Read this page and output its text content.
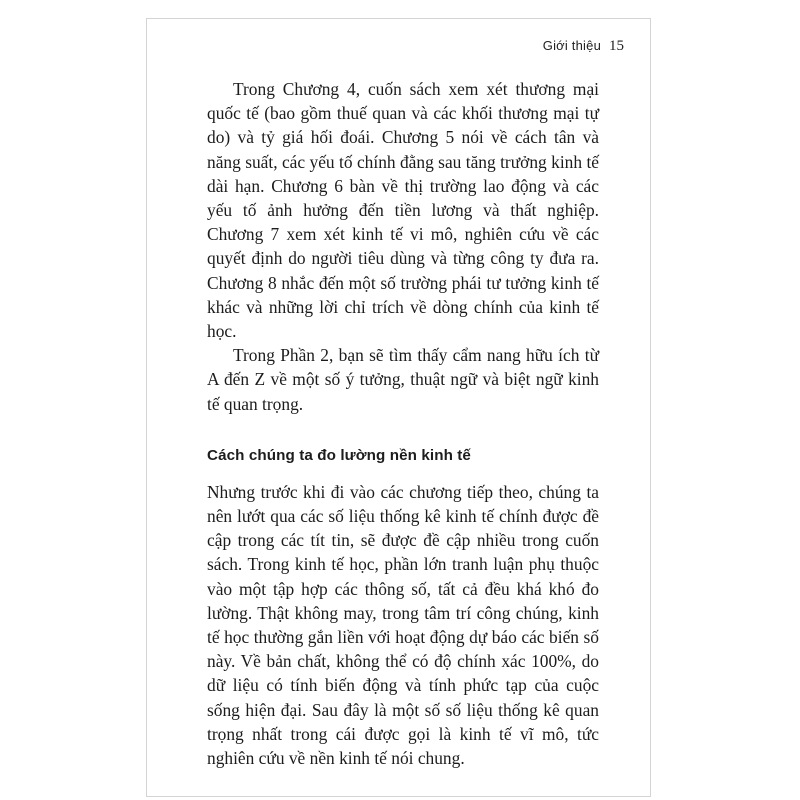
Giới thiệu 15

Trong Chương 4, cuốn sách xem xét thương mại quốc tế (bao gồm thuế quan và các khối thương mại tự do) và tỷ giá hối đoái. Chương 5 nói về cách tân và năng suất, các yếu tố chính đằng sau tăng trưởng kinh tế dài hạn. Chương 6 bàn về thị trường lao động và các yếu tố ảnh hưởng đến tiền lương và thất nghiệp. Chương 7 xem xét kinh tế vi mô, nghiên cứu về các quyết định do người tiêu dùng và từng công ty đưa ra. Chương 8 nhắc đến một số trường phái tư tưởng kinh tế khác và những lời chỉ trích về dòng chính của kinh tế học.

Trong Phần 2, bạn sẽ tìm thấy cẩm nang hữu ích từ A đến Z về một số ý tưởng, thuật ngữ và biệt ngữ kinh tế quan trọng.

Cách chúng ta đo lường nền kinh tế

Nhưng trước khi đi vào các chương tiếp theo, chúng ta nên lướt qua các số liệu thống kê kinh tế chính được đề cập trong các tít tin, sẽ được đề cập nhiều trong cuốn sách. Trong kinh tế học, phần lớn tranh luận phụ thuộc vào một tập hợp các thông số, tất cả đều khá khó đo lường. Thật không may, trong tâm trí công chúng, kinh tế học thường gắn liền với hoạt động dự báo các biến số này. Về bản chất, không thể có độ chính xác 100%, do dữ liệu có tính biến động và tính phức tạp của cuộc sống hiện đại. Sau đây là một số số liệu thống kê quan trọng nhất trong cái được gọi là kinh tế vĩ mô, tức nghiên cứu về nền kinh tế nói chung.
